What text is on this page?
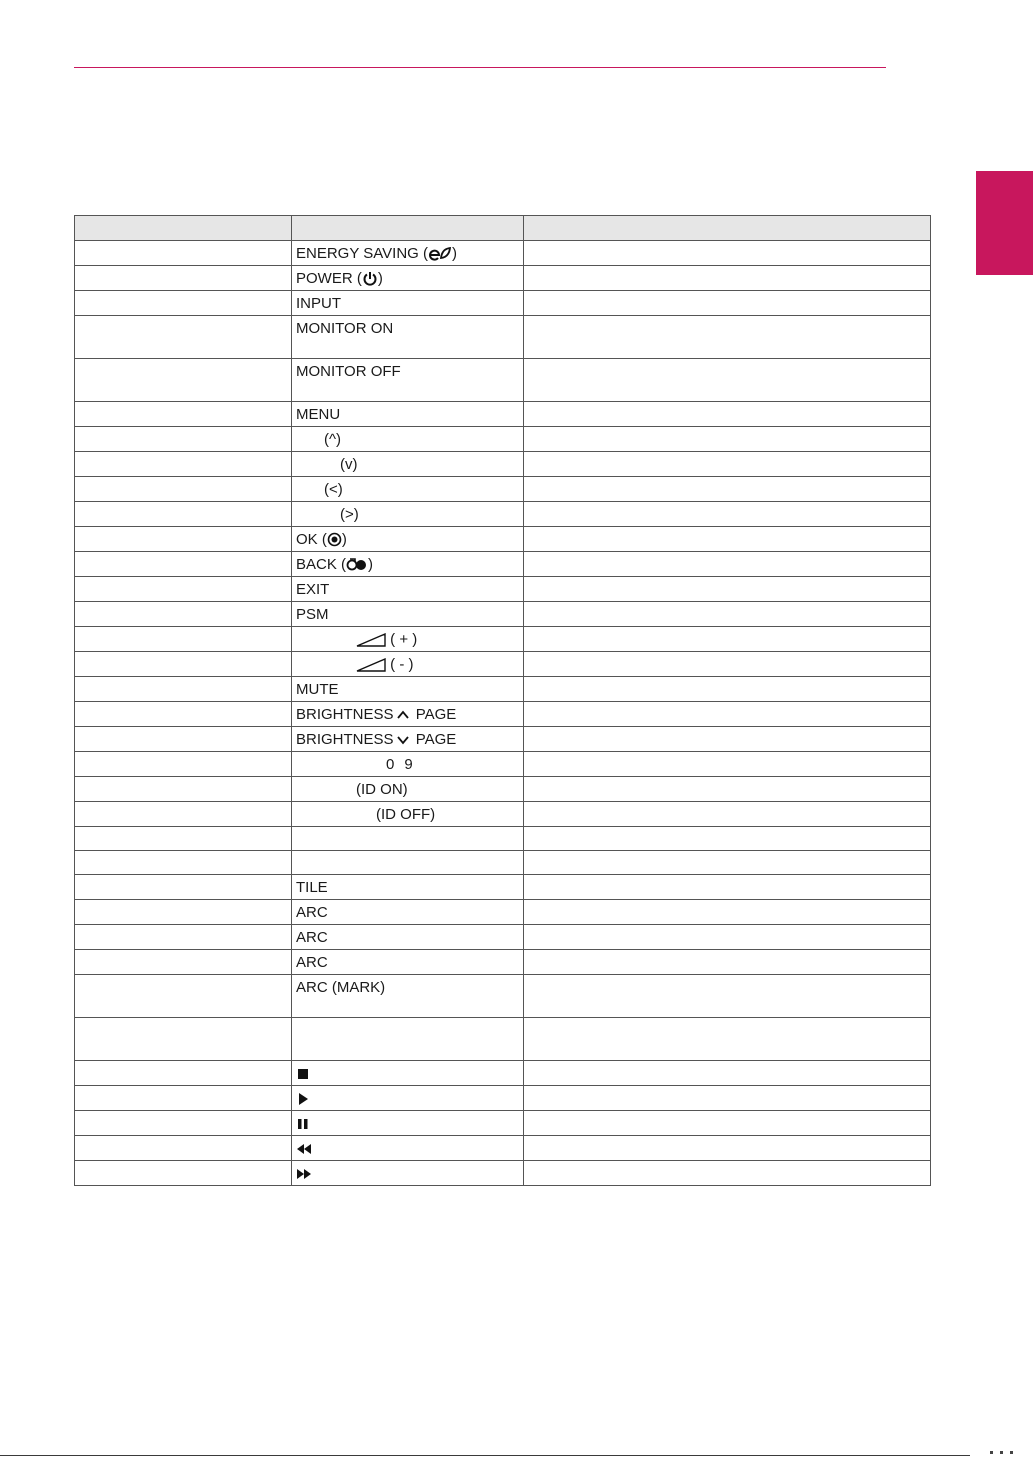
	ENERGY SAVING ( )	
	POWER ( )	
	INPUT	
	MONITOR ON	
	MONITOR OFF	
	MENU	
	(^)	
	(v)	
	(<)	
	(>)	
	OK ( )	
	BACK ( )	
	EXIT	
	PSM	
	( + )	
	( - )	
	MUTE	
	BRIGHTNESS PAGE	
	BRIGHTNESS PAGE	
	0 9	
	(ID ON)	
	(ID OFF)	

	TILE	
	ARC	
	ARC	
	ARC	
	ARC (MARK)	
